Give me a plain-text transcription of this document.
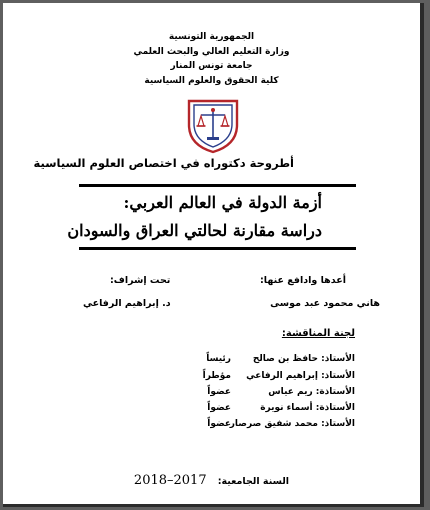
الجمهورية التونسية
وزارة التعليم العالي والبحث العلمي
جامعة تونس المنار
كلية الحقوق والعلوم السياسية
أطروحة دكتوراه في اختصاص العلوم السياسية
أزمة الدولة في العالم العربي:
دراسة مقارنة لحالتي العراق والسودان
أعدها وادافع عنها:
هاني محمود عبد موسى
تحت إشراف:
د. إبراهيم الرفاعي
لجنة المناقشة:
الأستاذ: حافظ بن صالح
رئيساً
الأستاذ: إبراهيم الرفاعي
مؤطراً
الأستاذة: ريم عياس
عضواً
الأستاذة: أسماء نويرة
عضواً
الأستاذ: محمد شفيق صرصار
عضواً
السنة الجامعية: 2017–2018
